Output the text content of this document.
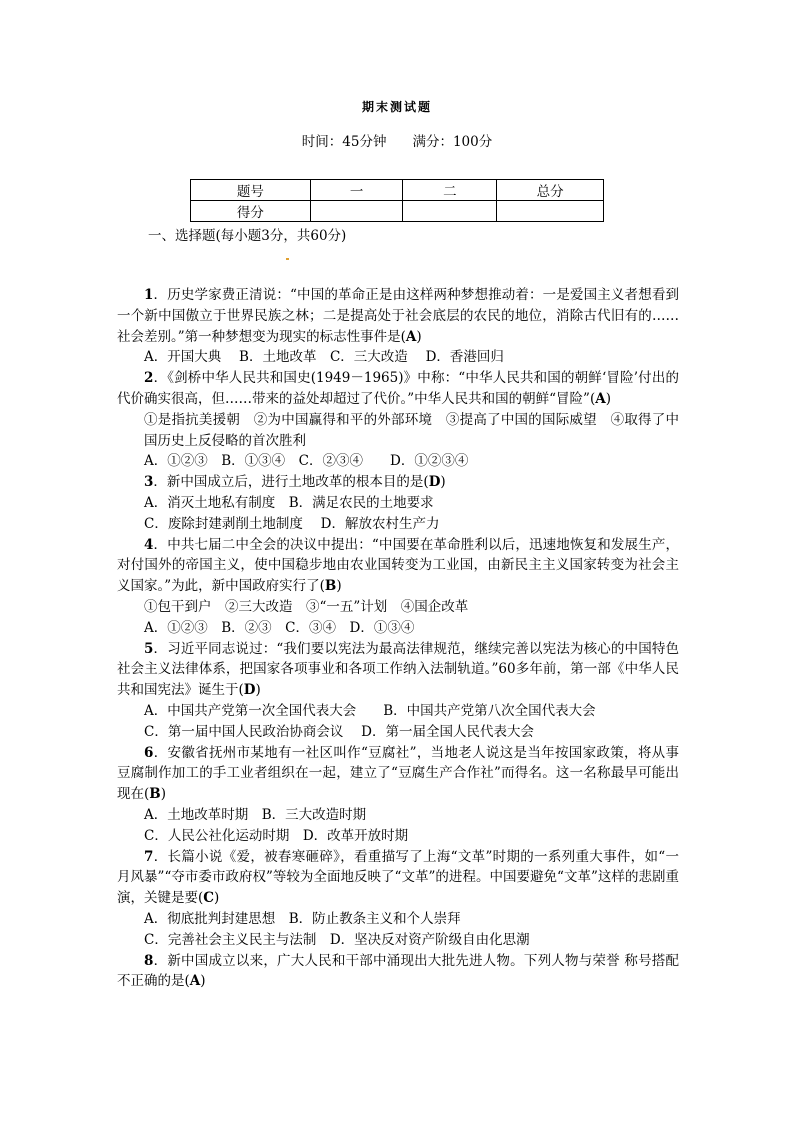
期末测试题
时间：45分钟 满分：100分
题号	一	二	总分
得分			
一、选择题(每小题3分，共60分)

1．历史学家费正清说：“中国的革命正是由这样两种梦想推动着：一是爱国主义者想看到一个新中国傲立于世界民族之林；二是提高处于社会底层的农民的地位，消除古代旧有的……社会差别。”第一种梦想变为现实的标志性事件是(A)

A．开国大典　 B．土地改革　C．三大改造　 D．香港回归

2．《剑桥中华人民共和国史(1949－1965)》中称：“中华人民共和国的朝鲜‘冒险’付出的代价确实很高，但……带来的益处却超过了代价。”中华人民共和国的朝鲜“冒险”(A)

①是指抗美援朝　②为中国赢得和平的外部环境　③提高了中国的国际威望　④取得了中国历史上反侵略的首次胜利

A．①②③　B．①③④　C．②③④　　D．①②③④

3．新中国成立后，进行土地改革的根本目的是(D)

A．消灭土地私有制度　B．满足农民的土地要求

C．废除封建剥削土地制度　 D．解放农村生产力

4．中共七届二中全会的决议中提出：“中国要在革命胜利以后，迅速地恢复和发展生产，对付国外的帝国主义，使中国稳步地由农业国转变为工业国，由新民主主义国家转变为社会主义国家。”为此，新中国政府实行了(B)

①包干到户　②三大改造　③“一五”计划　④国企改革

A．①②③　B．②③　C．③④　D．①③④

5．习近平同志说过：“我们要以宪法为最高法律规范，继续完善以宪法为核心的中国特色社会主义法律体系，把国家各项事业和各项工作纳入法制轨道。”60多年前，第一部《中华人民共和国宪法》诞生于(D)

A．中国共产党第一次全国代表大会　　B．中国共产党第八次全国代表大会

C．第一届中国人民政治协商会议　 D．第一届全国人民代表大会

6．安徽省抚州市某地有一社区叫作“豆腐社”，当地老人说这是当年按国家政策，将从事豆腐制作加工的手工业者组织在一起，建立了“豆腐生产合作社”而得名。这一名称最早可能出现在(B)

A．土地改革时期　B．三大改造时期

C．人民公社化运动时期　D．改革开放时期

7．长篇小说《爱，被春寒砸碎》，看重描写了上海“文革”时期的一系列重大事件，如“一月风暴”“夺市委市政府权”等较为全面地反映了“文革”的进程。中国要避免“文革”这样的悲剧重演，关键是要(C)

A．彻底批判封建思想　B．防止教条主义和个人崇拜

C．完善社会主义民主与法制　D．坚决反对资产阶级自由化思潮

8．新中国成立以来，广大人民和干部中涌现出大批先进人物。下列人物与荣誉 称号搭配不正确的是(A)
